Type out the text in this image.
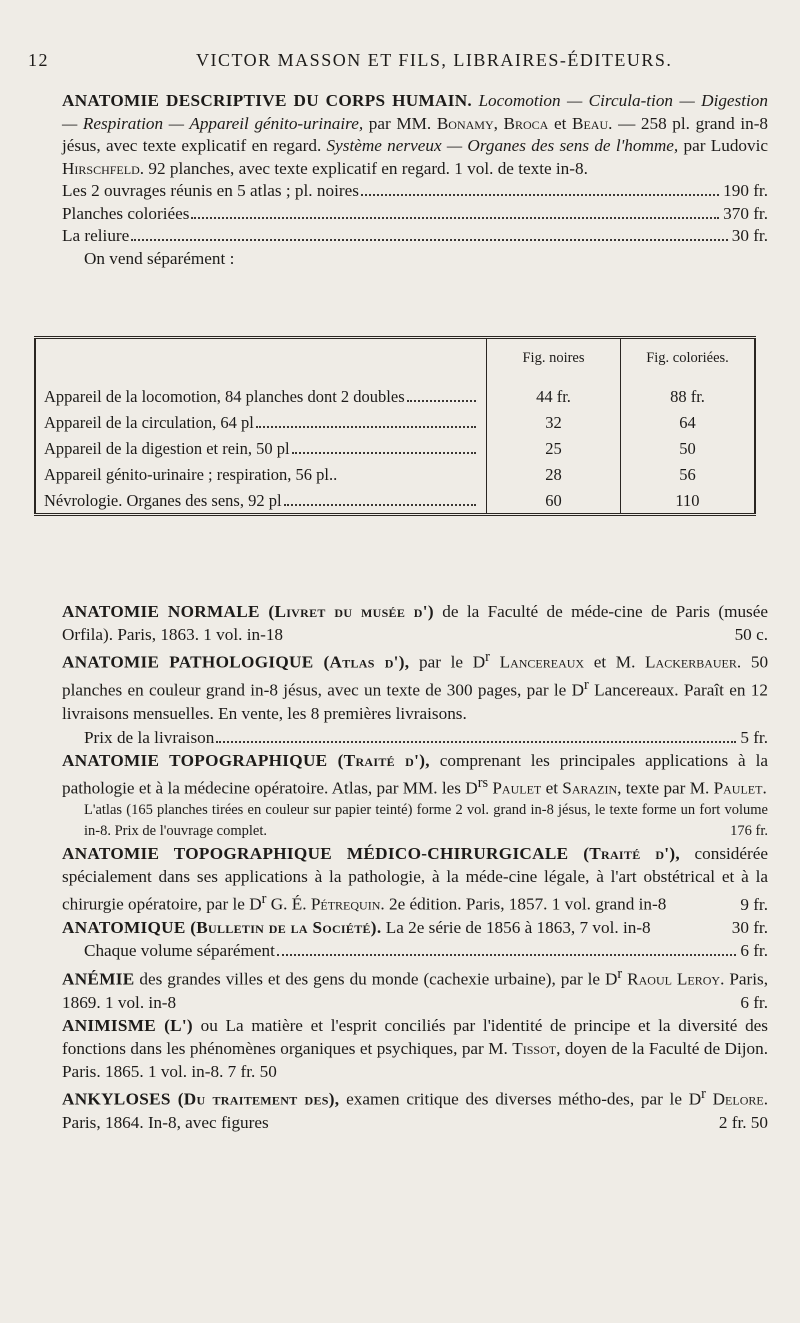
12	VICTOR MASSON ET FILS, LIBRAIRES-ÉDITEURS.

ANATOMIE DESCRIPTIVE DU CORPS HUMAIN. Locomotion — Circula-tion — Digestion — Respiration — Appareil génito-urinaire, par MM. Bonamy, Broca et Beau. — 258 pl. grand in-8 jésus, avec texte explicatif en regard. Système nerveux — Organes des sens de l'homme, par Ludovic Hirschfeld. 92 planches, avec texte explicatif en regard. 1 vol. de texte in-8.

Les 2 ouvrages réunis en 5 atlas ; pl. noires	190 fr.
Planches coloriées	370 fr.
La reliure	30 fr.

On vend séparément :

	Fig. noires	Fig. coloriées.

Appareil de la locomotion, 84 planches dont 2 doubles	44 fr.	88 fr.

Appareil de la circulation, 64 pl	32	64

Appareil de la digestion et rein, 50 pl	25	50

Appareil génito-urinaire ; respiration, 56 pl..	28	56

Névrologie. Organes des sens, 92 pl	60	110

ANATOMIE NORMALE (Livret du musée d') de la Faculté de méde-cine de Paris (musée Orfila). Paris, 1863. 1 vol. in-18	50 c.

ANATOMIE PATHOLOGIQUE (Atlas d'), par le $D^r$ Lancereaux et M. Lackerbauer. 50 planches en couleur grand in-8 jésus, avec un texte de 300 pages, par le $D^r$ Lancereaux. Paraît en 12 livraisons mensuelles. En vente, les 8 premières livraisons.

Prix de la livraison	5 fr.

ANATOMIE TOPOGRAPHIQUE (Traité d'), comprenant les principales applications à la pathologie et à la médecine opératoire. Atlas, par MM. les $D^{rs}$ Paulet et Sarazin, texte par M. Paulet.

L'atlas (165 planches tirées en couleur sur papier teinté) forme 2 vol. grand in-8 jésus, le texte forme un fort volume in-8. Prix de l'ouvrage complet.	176 fr.

ANATOMIE TOPOGRAPHIQUE MÉDICO-CHIRURGICALE (Traité d'), considérée spécialement dans ses applications à la pathologie, à la méde-cine légale, à l'art obstétrical et à la chirurgie opératoire, par le $D^r$ G. É. Pétrequin. 2e édition. Paris, 1857. 1 vol. grand in-8	9 fr.

ANATOMIQUE (Bulletin de la Société). La 2e série de 1856 à 1863, 7 vol. in-8	30 fr.
Chaque volume séparément	6 fr.

ANÉMIE des grandes villes et des gens du monde (cachexie urbaine), par le $D^r$ Raoul Leroy. Paris, 1869. 1 vol. in-8	6 fr.

ANIMISME (L') ou La matière et l'esprit conciliés par l'identité de principe et la diversité des fonctions dans les phénomènes organiques et psychiques, par M. Tissot, doyen de la Faculté de Dijon. Paris. 1865. 1 vol. in-8. 7 fr. 50

ANKYLOSES (Du traitement des), examen critique des diverses métho-des, par le $D^r$ Delore. Paris, 1864. In-8, avec figures	2 fr. 50
